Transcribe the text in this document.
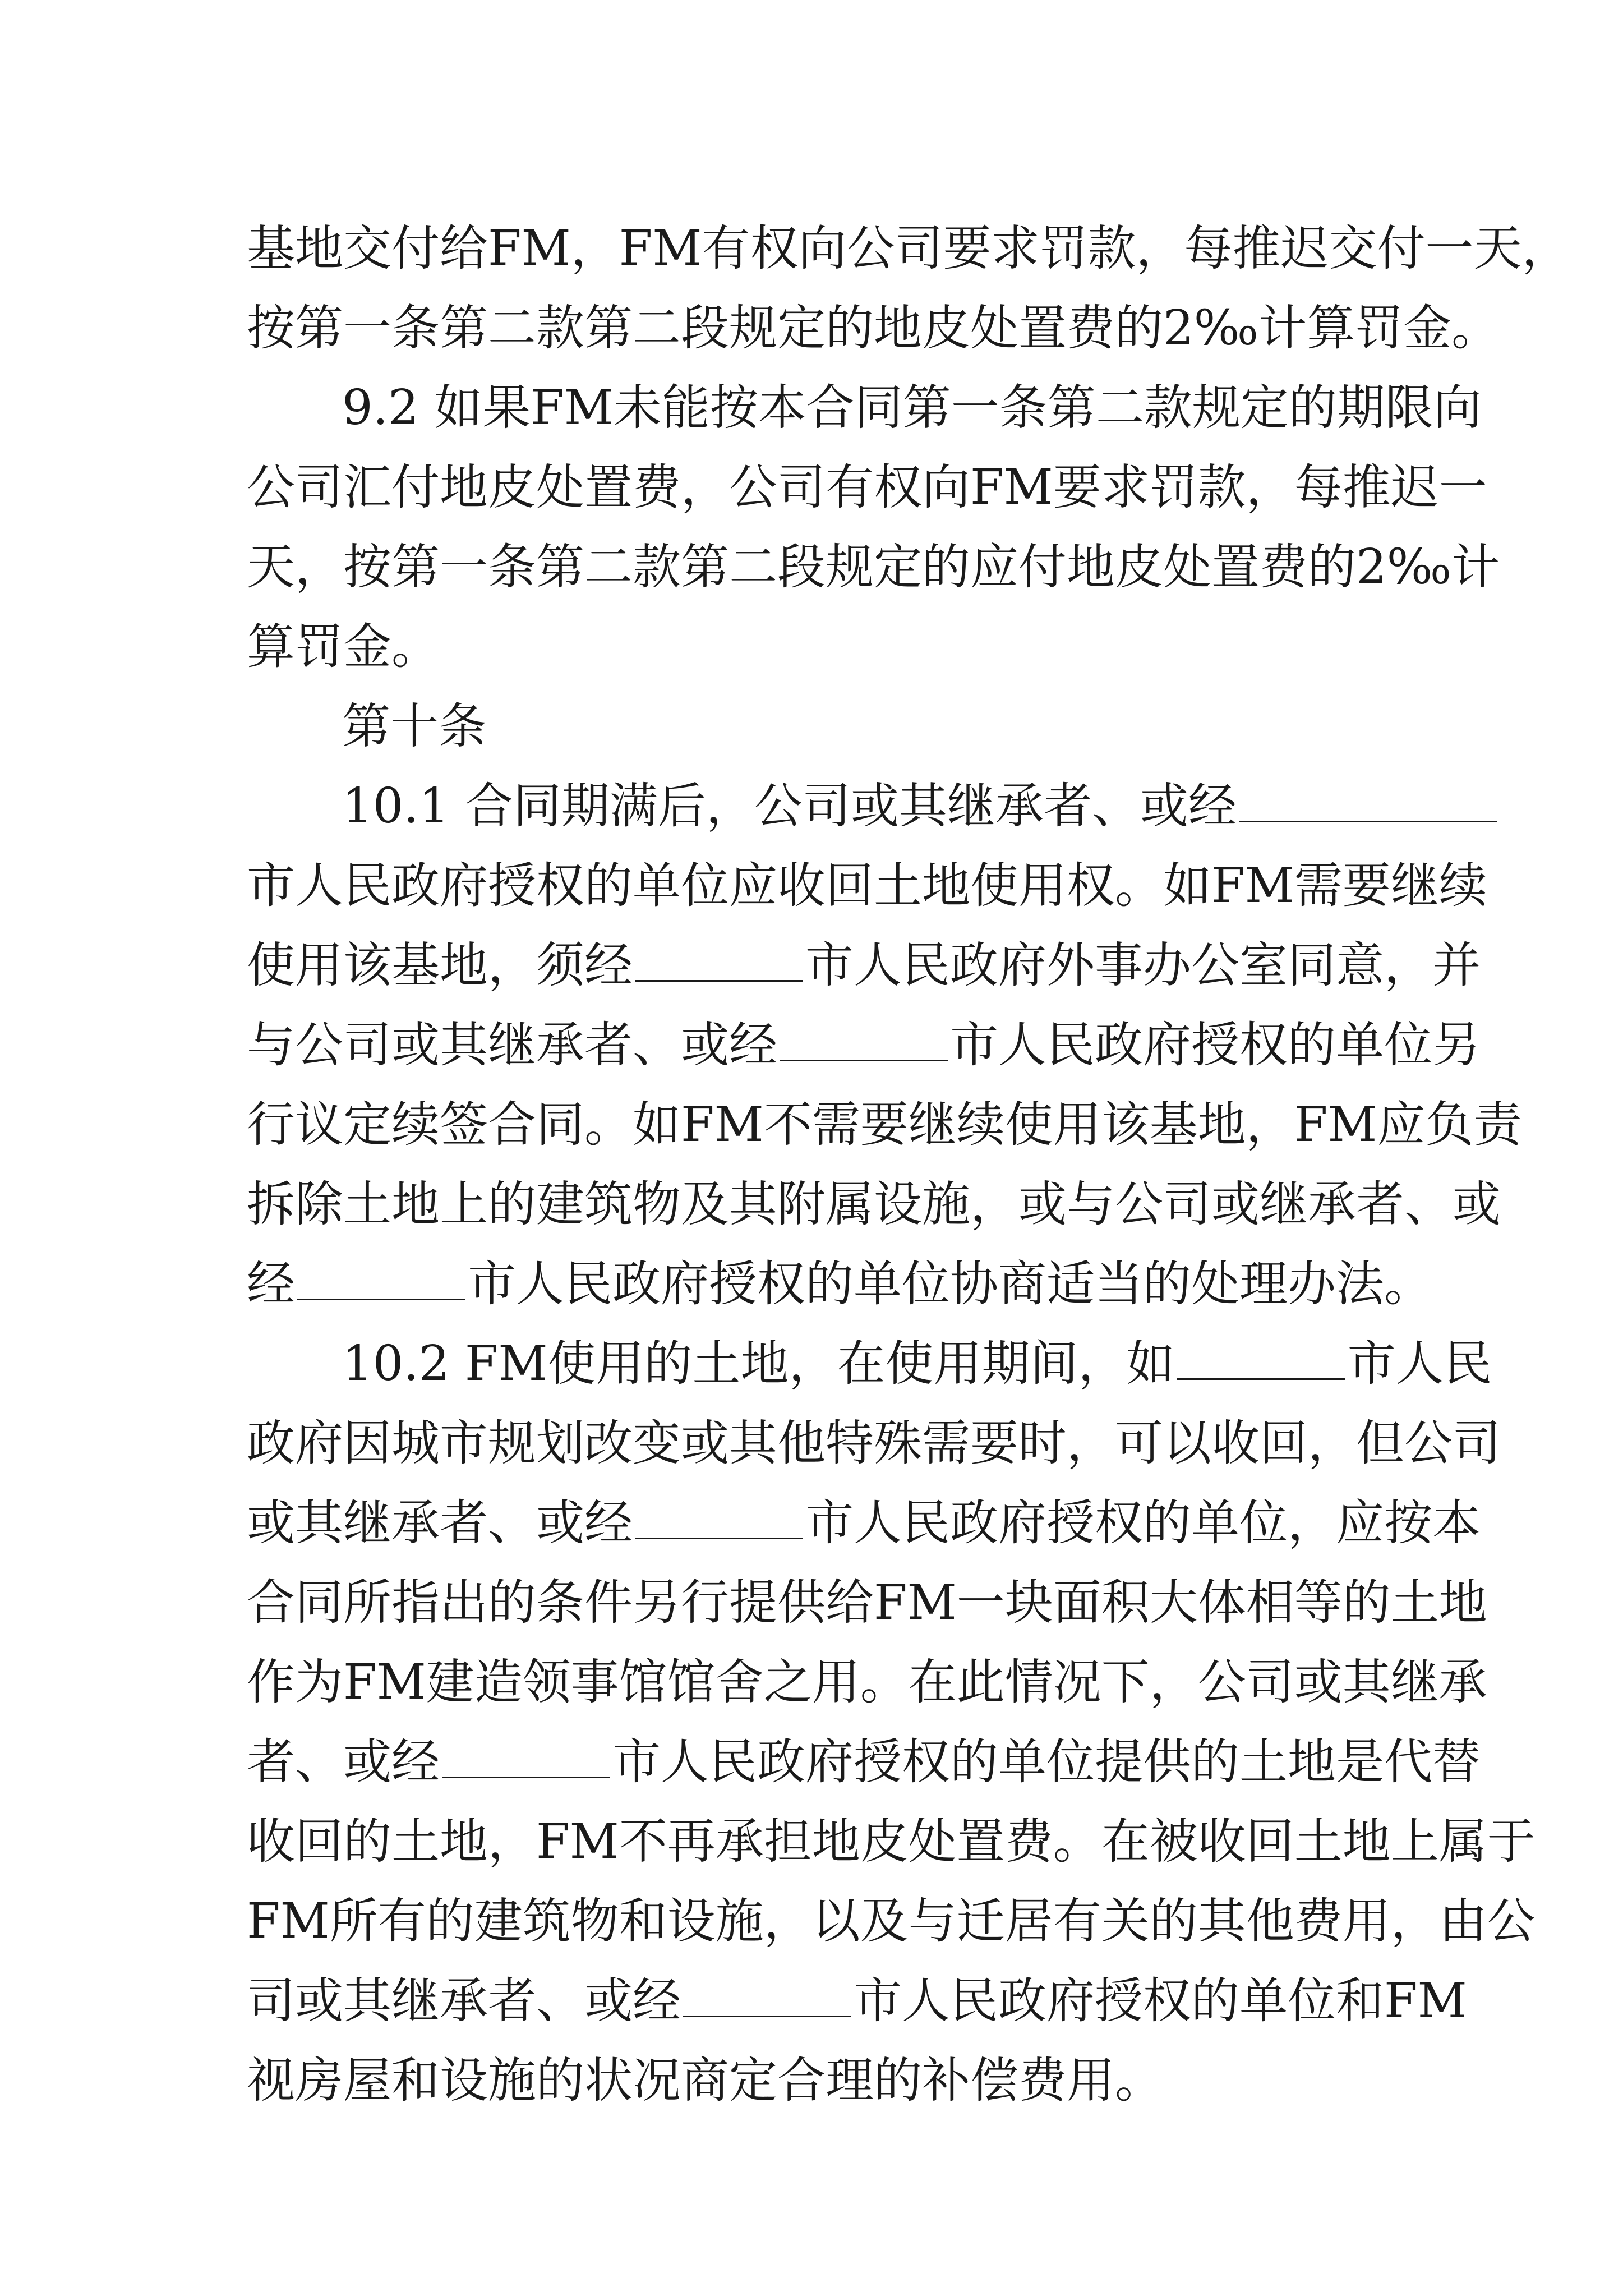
基地交付给FM，FM有权向公司要求罚款，每推迟交付一天，
按第一条第二款第二段规定的地皮处置费的2‰计算罚金。
9.2 如果FM未能按本合同第一条第二款规定的期限向
公司汇付地皮处置费，公司有权向FM要求罚款，每推迟一
天，按第一条第二款第二段规定的应付地皮处置费的2‰计
算罚金。
第十条
10.1 合同期满后，公司或其继承者、或经
市人民政府授权的单位应收回土地使用权。如FM需要继续
使用该基地，须经	市人民政府外事办公室同意，并
与公司或其继承者、或经	市人民政府授权的单位另
行议定续签合同。如FM不需要继续使用该基地，FM应负责
拆除土地上的建筑物及其附属设施，或与公司或继承者、或
经	市人民政府授权的单位协商适当的处理办法。
10.2 FM使用的土地，在使用期间，如	市人民
政府因城市规划改变或其他特殊需要时，可以收回，但公司
或其继承者、或经	市人民政府授权的单位，应按本
合同所指出的条件另行提供给FM一块面积大体相等的土地
作为FM建造领事馆馆舍之用。在此情况下，公司或其继承
者、或经	市人民政府授权的单位提供的土地是代替
收回的土地，FM不再承担地皮处置费。在被收回土地上属于
FM所有的建筑物和设施，以及与迁居有关的其他费用，由公
司或其继承者、或经	市人民政府授权的单位和FM
视房屋和设施的状况商定合理的补偿费用。
